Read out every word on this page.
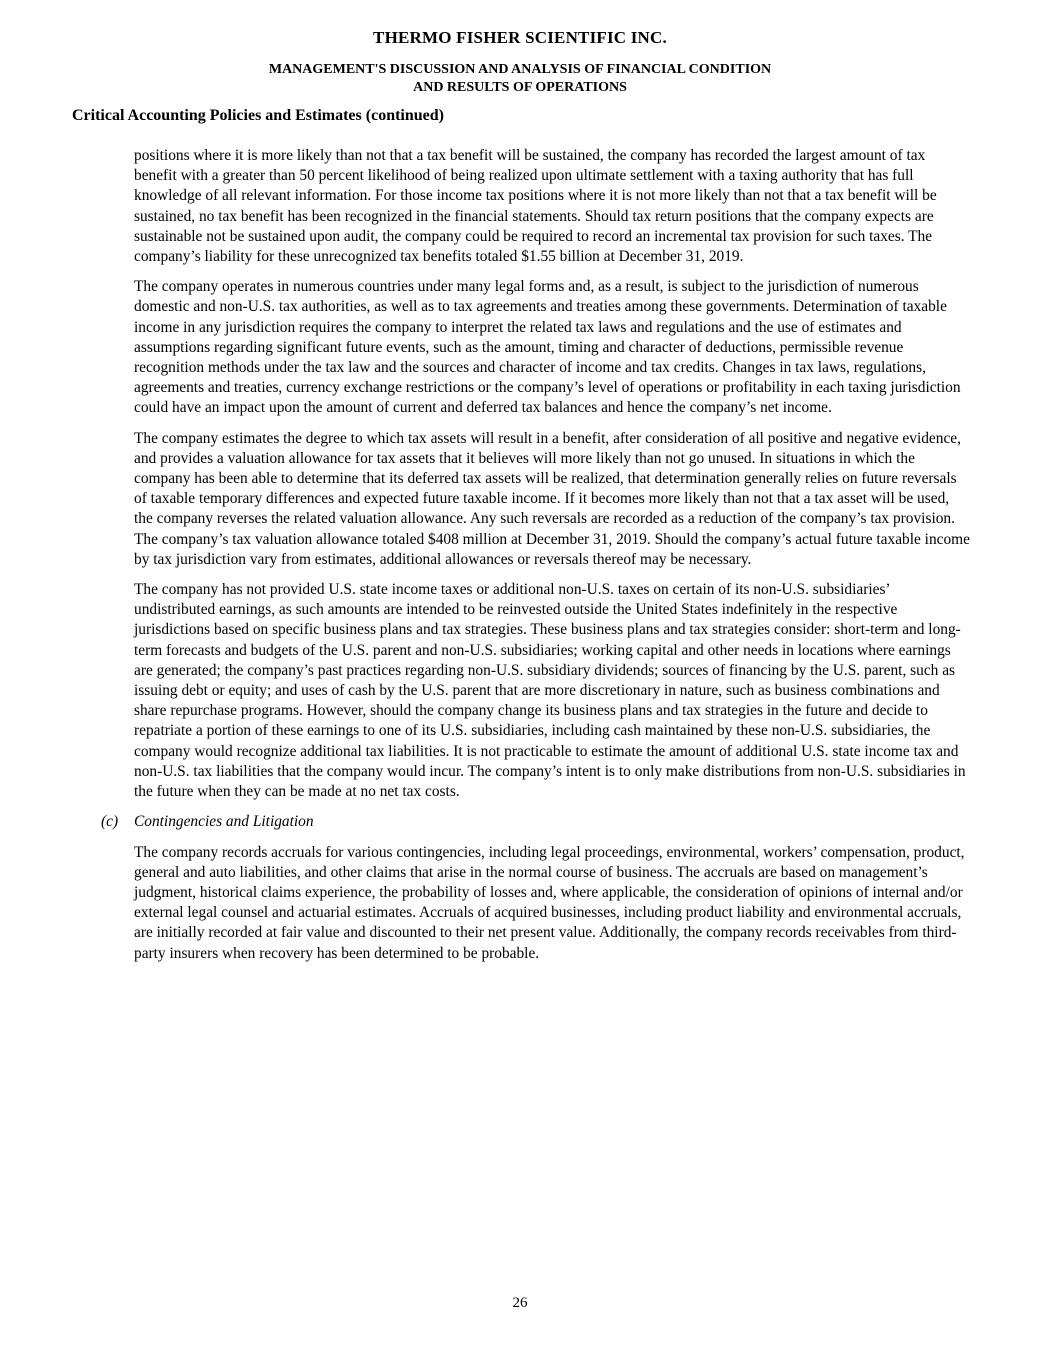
THERMO FISHER SCIENTIFIC INC.
MANAGEMENT'S DISCUSSION AND ANALYSIS OF FINANCIAL CONDITION
AND RESULTS OF OPERATIONS
Critical Accounting Policies and Estimates (continued)

positions where it is more likely than not that a tax benefit will be sustained, the company has recorded the largest amount of tax benefit with a greater than 50 percent likelihood of being realized upon ultimate settlement with a taxing authority that has full knowledge of all relevant information. For those income tax positions where it is not more likely than not that a tax benefit will be sustained, no tax benefit has been recognized in the financial statements. Should tax return positions that the company expects are sustainable not be sustained upon audit, the company could be required to record an incremental tax provision for such taxes. The company’s liability for these unrecognized tax benefits totaled $1.55 billion at December 31, 2019.

The company operates in numerous countries under many legal forms and, as a result, is subject to the jurisdiction of numerous domestic and non-U.S. tax authorities, as well as to tax agreements and treaties among these governments. Determination of taxable income in any jurisdiction requires the company to interpret the related tax laws and regulations and the use of estimates and assumptions regarding significant future events, such as the amount, timing and character of deductions, permissible revenue recognition methods under the tax law and the sources and character of income and tax credits. Changes in tax laws, regulations, agreements and treaties, currency exchange restrictions or the company’s level of operations or profitability in each taxing jurisdiction could have an impact upon the amount of current and deferred tax balances and hence the company’s net income.

The company estimates the degree to which tax assets will result in a benefit, after consideration of all positive and negative evidence, and provides a valuation allowance for tax assets that it believes will more likely than not go unused. In situations in which the company has been able to determine that its deferred tax assets will be realized, that determination generally relies on future reversals of taxable temporary differences and expected future taxable income. If it becomes more likely than not that a tax asset will be used, the company reverses the related valuation allowance. Any such reversals are recorded as a reduction of the company’s tax provision. The company’s tax valuation allowance totaled $408 million at December 31, 2019. Should the company’s actual future taxable income by tax jurisdiction vary from estimates, additional allowances or reversals thereof may be necessary.

The company has not provided U.S. state income taxes or additional non-U.S. taxes on certain of its non-U.S. subsidiaries’ undistributed earnings, as such amounts are intended to be reinvested outside the United States indefinitely in the respective jurisdictions based on specific business plans and tax strategies. These business plans and tax strategies consider: short-term and long-term forecasts and budgets of the U.S. parent and non-U.S. subsidiaries; working capital and other needs in locations where earnings are generated; the company’s past practices regarding non-U.S. subsidiary dividends; sources of financing by the U.S. parent, such as issuing debt or equity; and uses of cash by the U.S. parent that are more discretionary in nature, such as business combinations and share repurchase programs. However, should the company change its business plans and tax strategies in the future and decide to repatriate a portion of these earnings to one of its U.S. subsidiaries, including cash maintained by these non-U.S. subsidiaries, the company would recognize additional tax liabilities. It is not practicable to estimate the amount of additional U.S. state income tax and non-U.S. tax liabilities that the company would incur. The company’s intent is to only make distributions from non-U.S. subsidiaries in the future when they can be made at no net tax costs.

(c) Contingencies and Litigation

The company records accruals for various contingencies, including legal proceedings, environmental, workers’ compensation, product, general and auto liabilities, and other claims that arise in the normal course of business. The accruals are based on management’s judgment, historical claims experience, the probability of losses and, where applicable, the consideration of opinions of internal and/or external legal counsel and actuarial estimates. Accruals of acquired businesses, including product liability and environmental accruals, are initially recorded at fair value and discounted to their net present value. Additionally, the company records receivables from third-party insurers when recovery has been determined to be probable.

26
